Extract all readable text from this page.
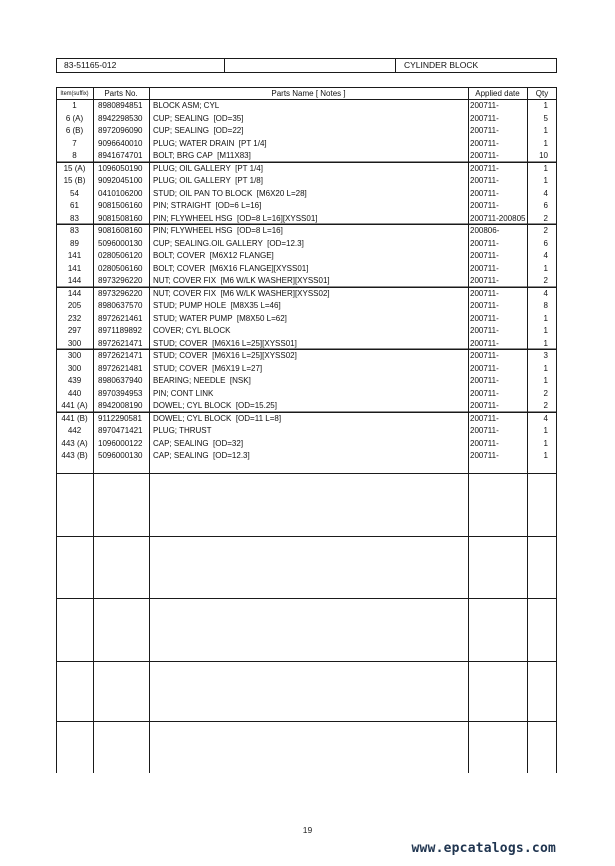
83-51165-012	CYLINDER BLOCK
Item(suffix)	Parts No.	Parts Name [ Notes ]	Applied date	Qty
1	8980894851	BLOCK ASM; CYL	200711-	1
6 (A)	8942298530	CUP; SEALING  [OD=35]	200711-	5
6 (B)	8972096090	CUP; SEALING  [OD=22]	200711-	1
7	9096640010	PLUG; WATER DRAIN  [PT 1/4]	200711-	1
8	8941674701	BOLT; BRG CAP  [M11X83]	200711-	10
15 (A)	1096050190	PLUG; OIL GALLERY  [PT 1/4]	200711-	1
15 (B)	9092045100	PLUG; OIL GALLERY  [PT 1/8]	200711-	1
54	0410106200	STUD; OIL PAN TO BLOCK  [M6X20 L=28]	200711-	4
61	9081506160	PIN; STRAIGHT  [OD=6 L=16]	200711-	6
83	9081508160	PIN; FLYWHEEL HSG  [OD=8 L=16][XYSS01]	200711-200805	2
83	9081608160	PIN; FLYWHEEL HSG  [OD=8 L=16]	200806-	2
89	5096000130	CUP; SEALING.OIL GALLERY  [OD=12.3]	200711-	6
141	0280506120	BOLT; COVER  [M6X12 FLANGE]	200711-	4
141	0280506160	BOLT; COVER  [M6X16 FLANGE][XYSS01]	200711-	1
144	8973296220	NUT; COVER FIX  [M6 W/LK WASHER][XYSS01]	200711-	2
144	8973296220	NUT; COVER FIX  [M6 W/LK WASHER][XYSS02]	200711-	4
205	8980637570	STUD; PUMP HOLE  [M8X35 L=46]	200711-	8
232	8972621461	STUD; WATER PUMP  [M8X50 L=62]	200711-	1
297	8971189892	COVER; CYL BLOCK	200711-	1
300	8972621471	STUD; COVER  [M6X16 L=25][XYSS01]	200711-	1
300	8972621471	STUD; COVER  [M6X16 L=25][XYSS02]	200711-	3
300	8972621481	STUD; COVER  [M6X19 L=27]	200711-	1
439	8980637940	BEARING; NEEDLE  [NSK]	200711-	1
440	8970394953	PIN; CONT LINK	200711-	2
441 (A)	8942008190	DOWEL; CYL BLOCK  [OD=15.25]	200711-	2
441 (B)	9112290581	DOWEL; CYL BLOCK  [OD=11 L=8]	200711-	4
442	8970471421	PLUG; THRUST	200711-	1
443 (A)	1096000122	CAP; SEALING  [OD=32]	200711-	1
443 (B)	5096000130	CAP; SEALING  [OD=12.3]	200711-	1
19
www.epcatalogs.com
